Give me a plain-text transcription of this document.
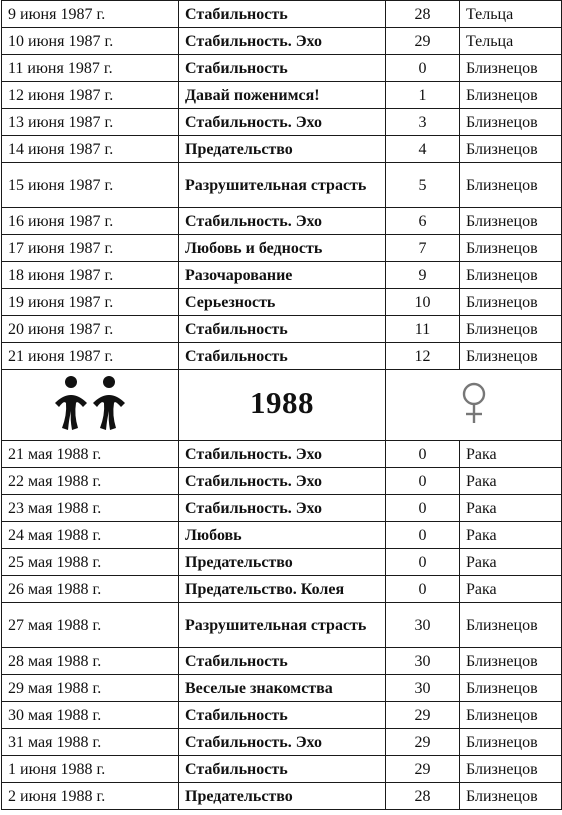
9 июня 1987 г.	Стабильность	28	Тельца
10 июня 1987 г.	Стабильность. Эхо	29	Тельца
11 июня 1987 г.	Стабильность	0	Близнецов
12 июня 1987 г.	Давай поженимся!	1	Близнецов
13 июня 1987 г.	Стабильность. Эхо	3	Близнецов
14 июня 1987 г.	Предательство	4	Близнецов
15 июня 1987 г.	Разрушительная страсть	5	Близнецов
16 июня 1987 г.	Стабильность. Эхо	6	Близнецов
17 июня 1987 г.	Любовь и бедность	7	Близнецов
18 июня 1987 г.	Разочарование	9	Близнецов
19 июня 1987 г.	Серьезность	10	Близнецов
20 июня 1987 г.	Стабильность	11	Близнецов
21 июня 1987 г.	Стабильность	12	Близнецов
	1988	
21 мая 1988 г.	Стабильность. Эхо	0	Рака
22 мая 1988 г.	Стабильность. Эхо	0	Рака
23 мая 1988 г.	Стабильность. Эхо	0	Рака
24 мая 1988 г.	Любовь	0	Рака
25 мая 1988 г.	Предательство	0	Рака
26 мая 1988 г.	Предательство. Колея	0	Рака
27 мая 1988 г.	Разрушительная страсть	30	Близнецов
28 мая 1988 г.	Стабильность	30	Близнецов
29 мая 1988 г.	Веселые знакомства	30	Близнецов
30 мая 1988 г.	Стабильность	29	Близнецов
31 мая 1988 г.	Стабильность. Эхо	29	Близнецов
1 июня 1988 г.	Стабильность	29	Близнецов
2 июня 1988 г.	Предательство	28	Близнецов
